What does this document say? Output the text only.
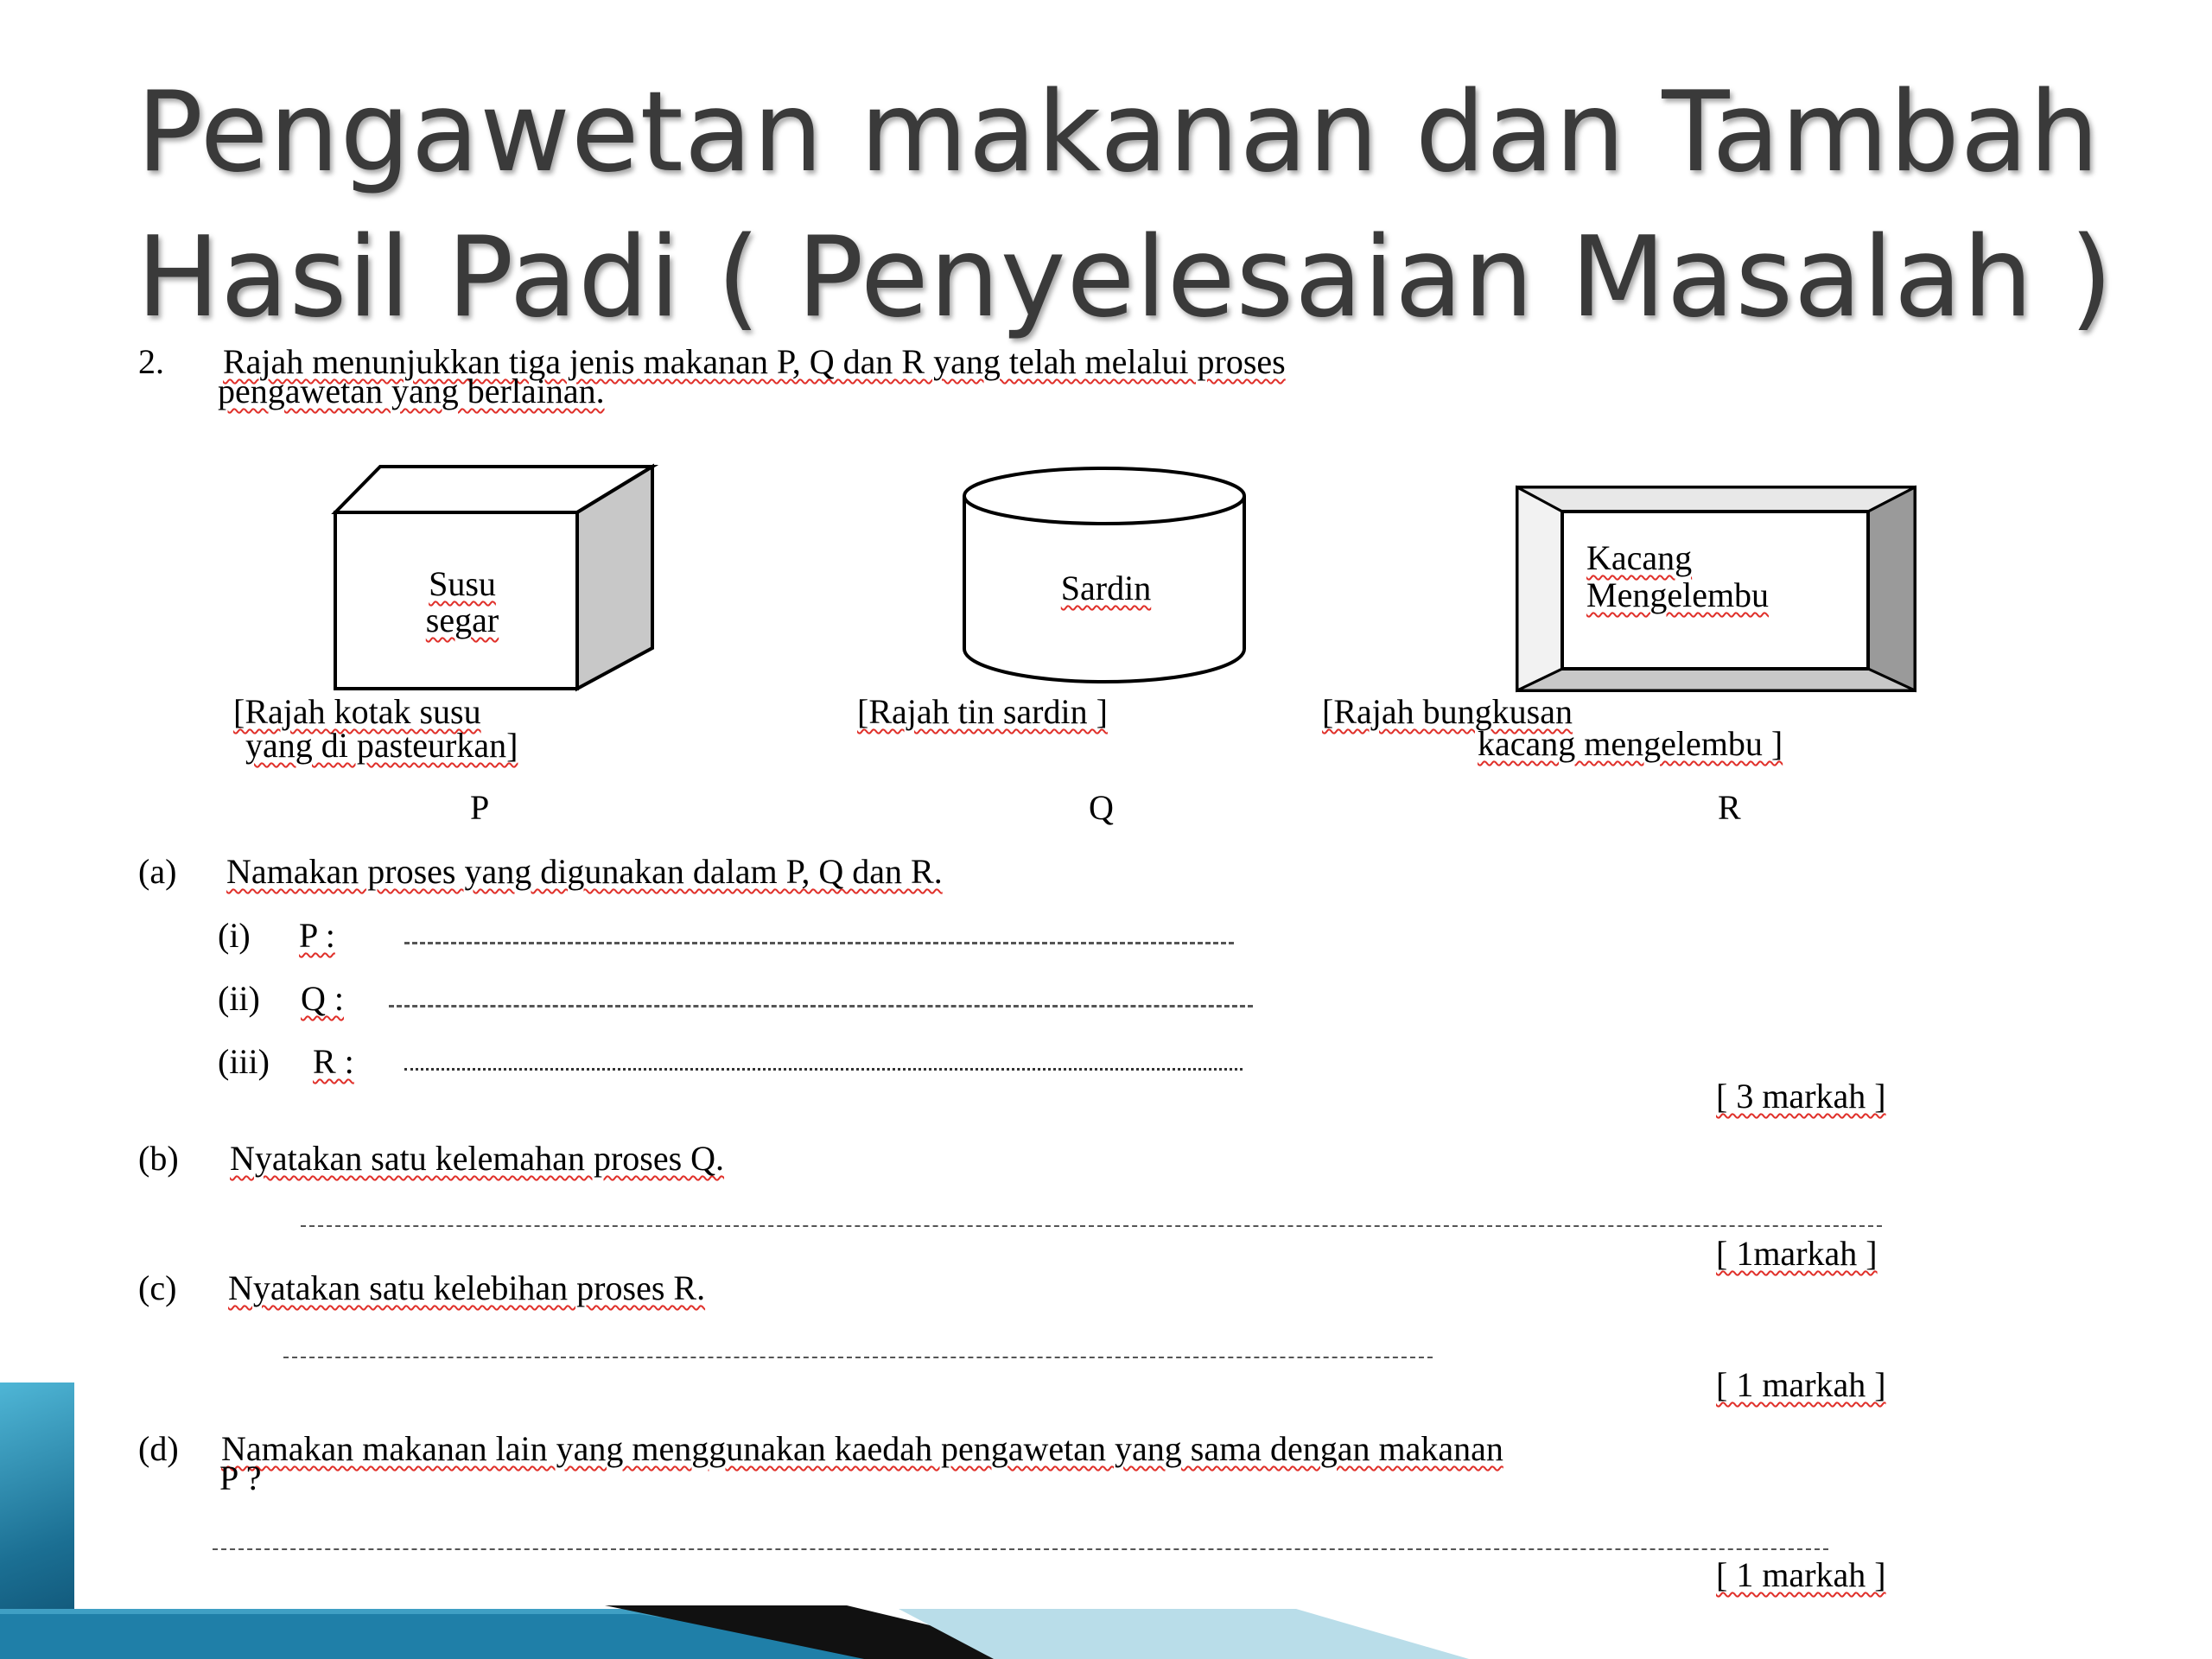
Pengawetan makanan dan Tambah
Hasil Padi ( Penyelesaian Masalah )
2. Rajah menunjukkan tiga jenis makanan P, Q dan R yang telah melalui proses
pengawetan yang berlainan.
Susu
segar
Sardin
Kacang
Mengelembu
[Rajah kotak susu
yang di pasteurkan]
[Rajah tin sardin ]	[Rajah bungkusan
kacang mengelembu ]
P	Q	R
(a) Namakan proses yang digunakan dalam P, Q dan R.
(i) P :
(ii) Q :
(iii) R :
[ 3 markah ]
(b) Nyatakan satu kelemahan proses Q.
[ 1markah ]
(c) Nyatakan satu kelebihan proses R.
[ 1 markah ]
(d) Namakan makanan lain yang menggunakan kaedah pengawetan yang sama dengan makanan
P ?
[ 1 markah ]
